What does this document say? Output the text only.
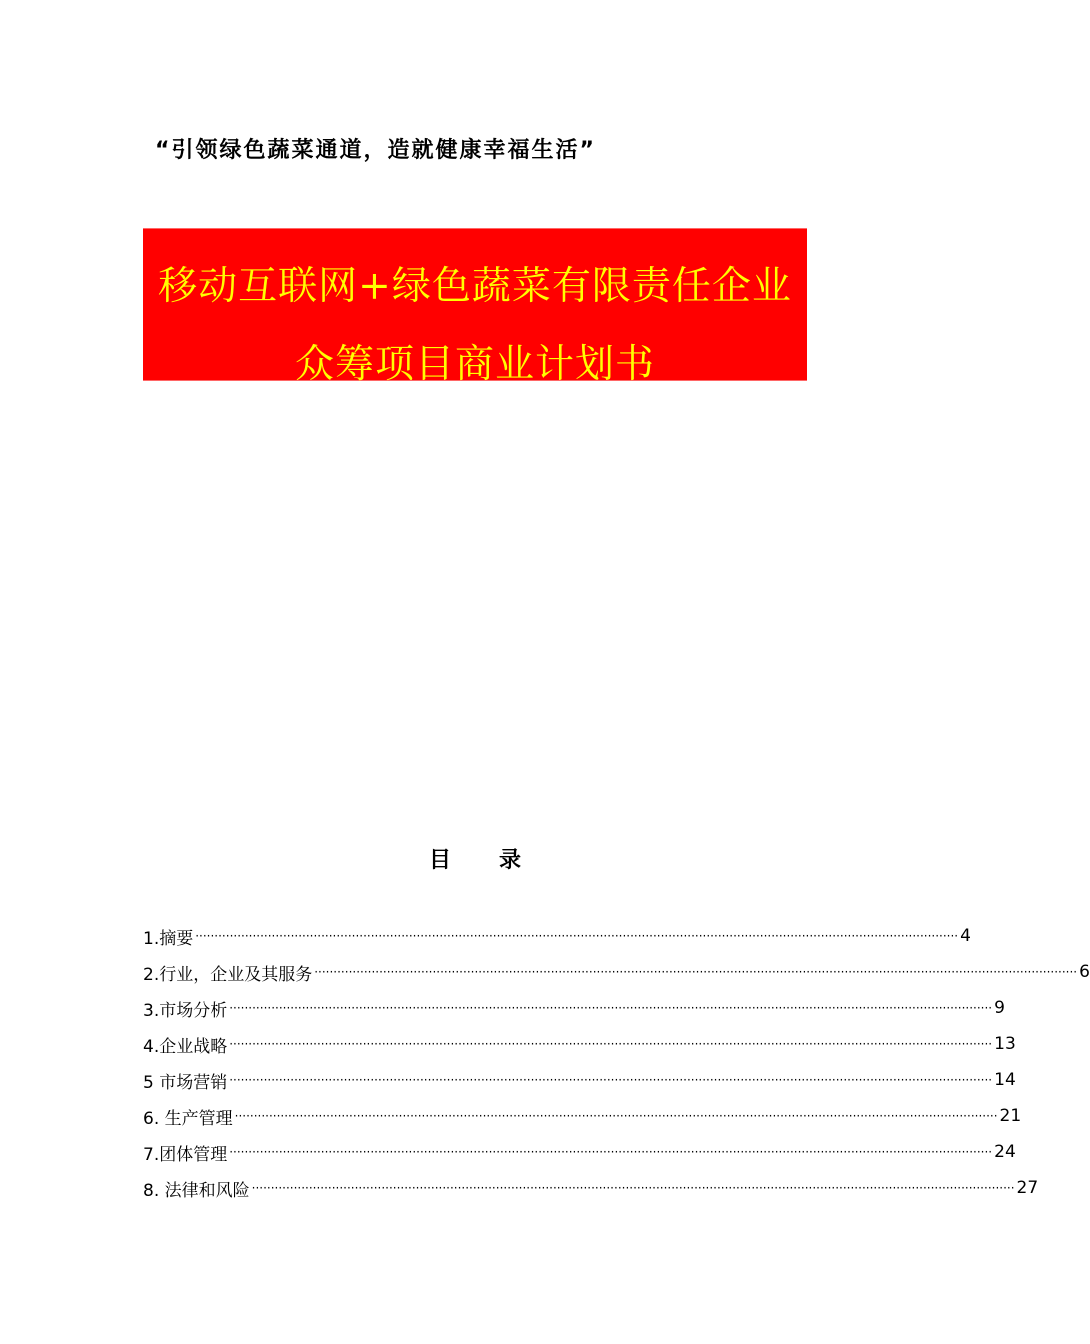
“引领绿色蔬菜通道，造就健康幸福生活”
移动互联网+绿色蔬菜有限责任企业
众筹项目商业计划书
目 录
1.摘要 ········································································································································································································ 4
2.行业，企业及其服务 ········································································································································································································ 6
3.市场分析 ········································································································································································································ 9
4.企业战略 ········································································································································································································ 13
5 市场营销 ········································································································································································································ 14
6. 生产管理 ········································································································································································································ 21
7.团体管理 ········································································································································································································ 24
8. 法律和风险 ········································································································································································································ 27
